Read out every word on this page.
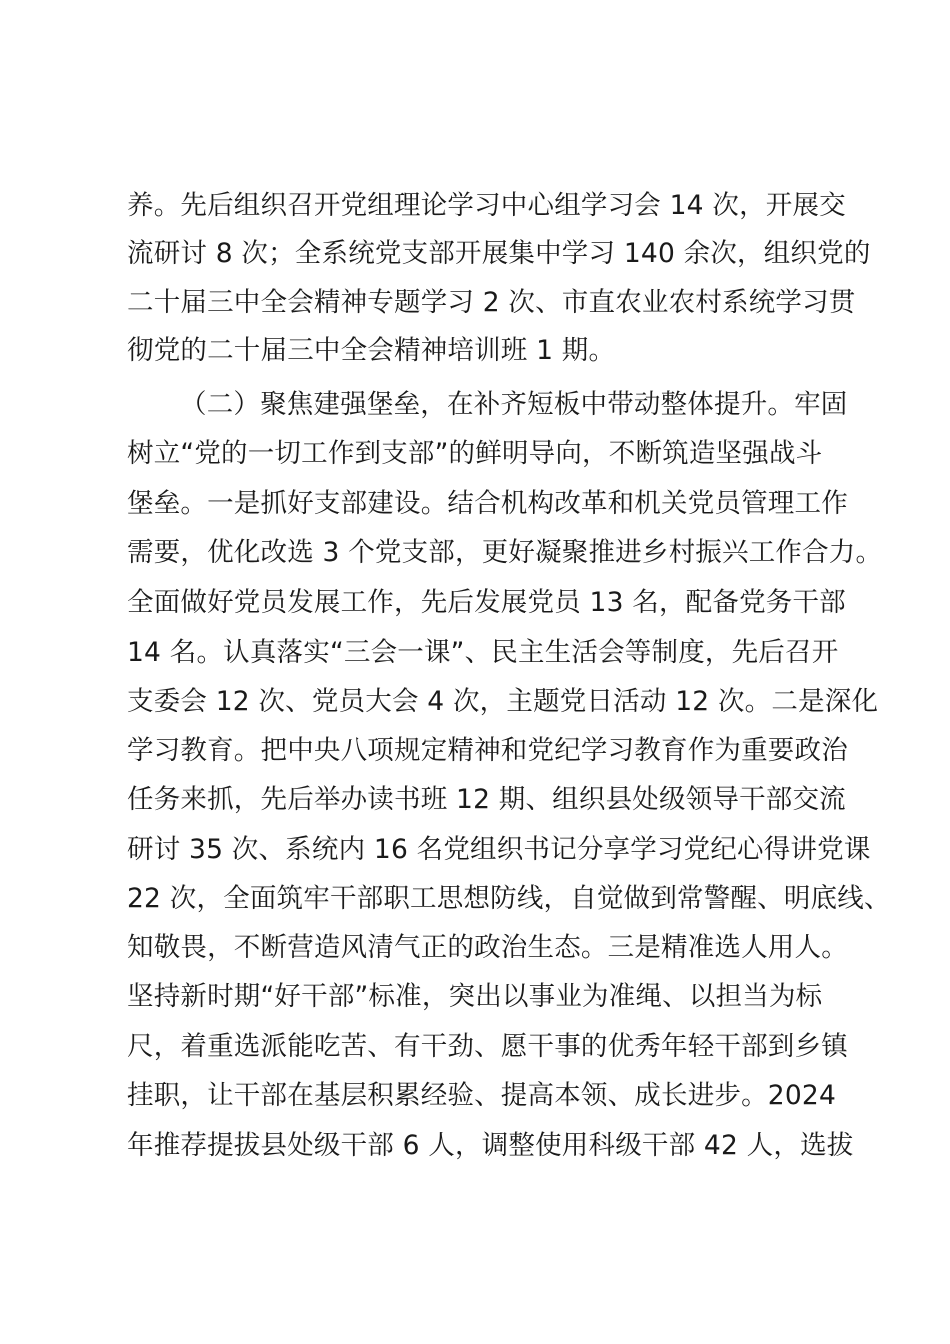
养。先后组织召开党组理论学习中心组学习会 14 次，开展交
流研讨 8 次；全系统党支部开展集中学习 140 余次，组织党的
二十届三中全会精神专题学习 2 次、市直农业农村系统学习贯
彻党的二十届三中全会精神培训班 1 期。
（二）聚焦建强堡垒，在补齐短板中带动整体提升。牢固
树立“党的一切工作到支部”的鲜明导向，不断筑造坚强战斗
堡垒。一是抓好支部建设。结合机构改革和机关党员管理工作
需要，优化改选 3 个党支部，更好凝聚推进乡村振兴工作合力。
全面做好党员发展工作，先后发展党员 13 名，配备党务干部
14 名。认真落实“三会一课”、民主生活会等制度，先后召开
支委会 12 次、党员大会 4 次，主题党日活动 12 次。二是深化
学习教育。把中央八项规定精神和党纪学习教育作为重要政治
任务来抓，先后举办读书班 12 期、组织县处级领导干部交流
研讨 35 次、系统内 16 名党组织书记分享学习党纪心得讲党课
22 次，全面筑牢干部职工思想防线，自觉做到常警醒、明底线、
知敬畏，不断营造风清气正的政治生态。三是精准选人用人。
坚持新时期“好干部”标准，突出以事业为准绳、以担当为标
尺，着重选派能吃苦、有干劲、愿干事的优秀年轻干部到乡镇
挂职，让干部在基层积累经验、提高本领、成长进步。2024
年推荐提拔县处级干部 6 人，调整使用科级干部 42 人，选拔
